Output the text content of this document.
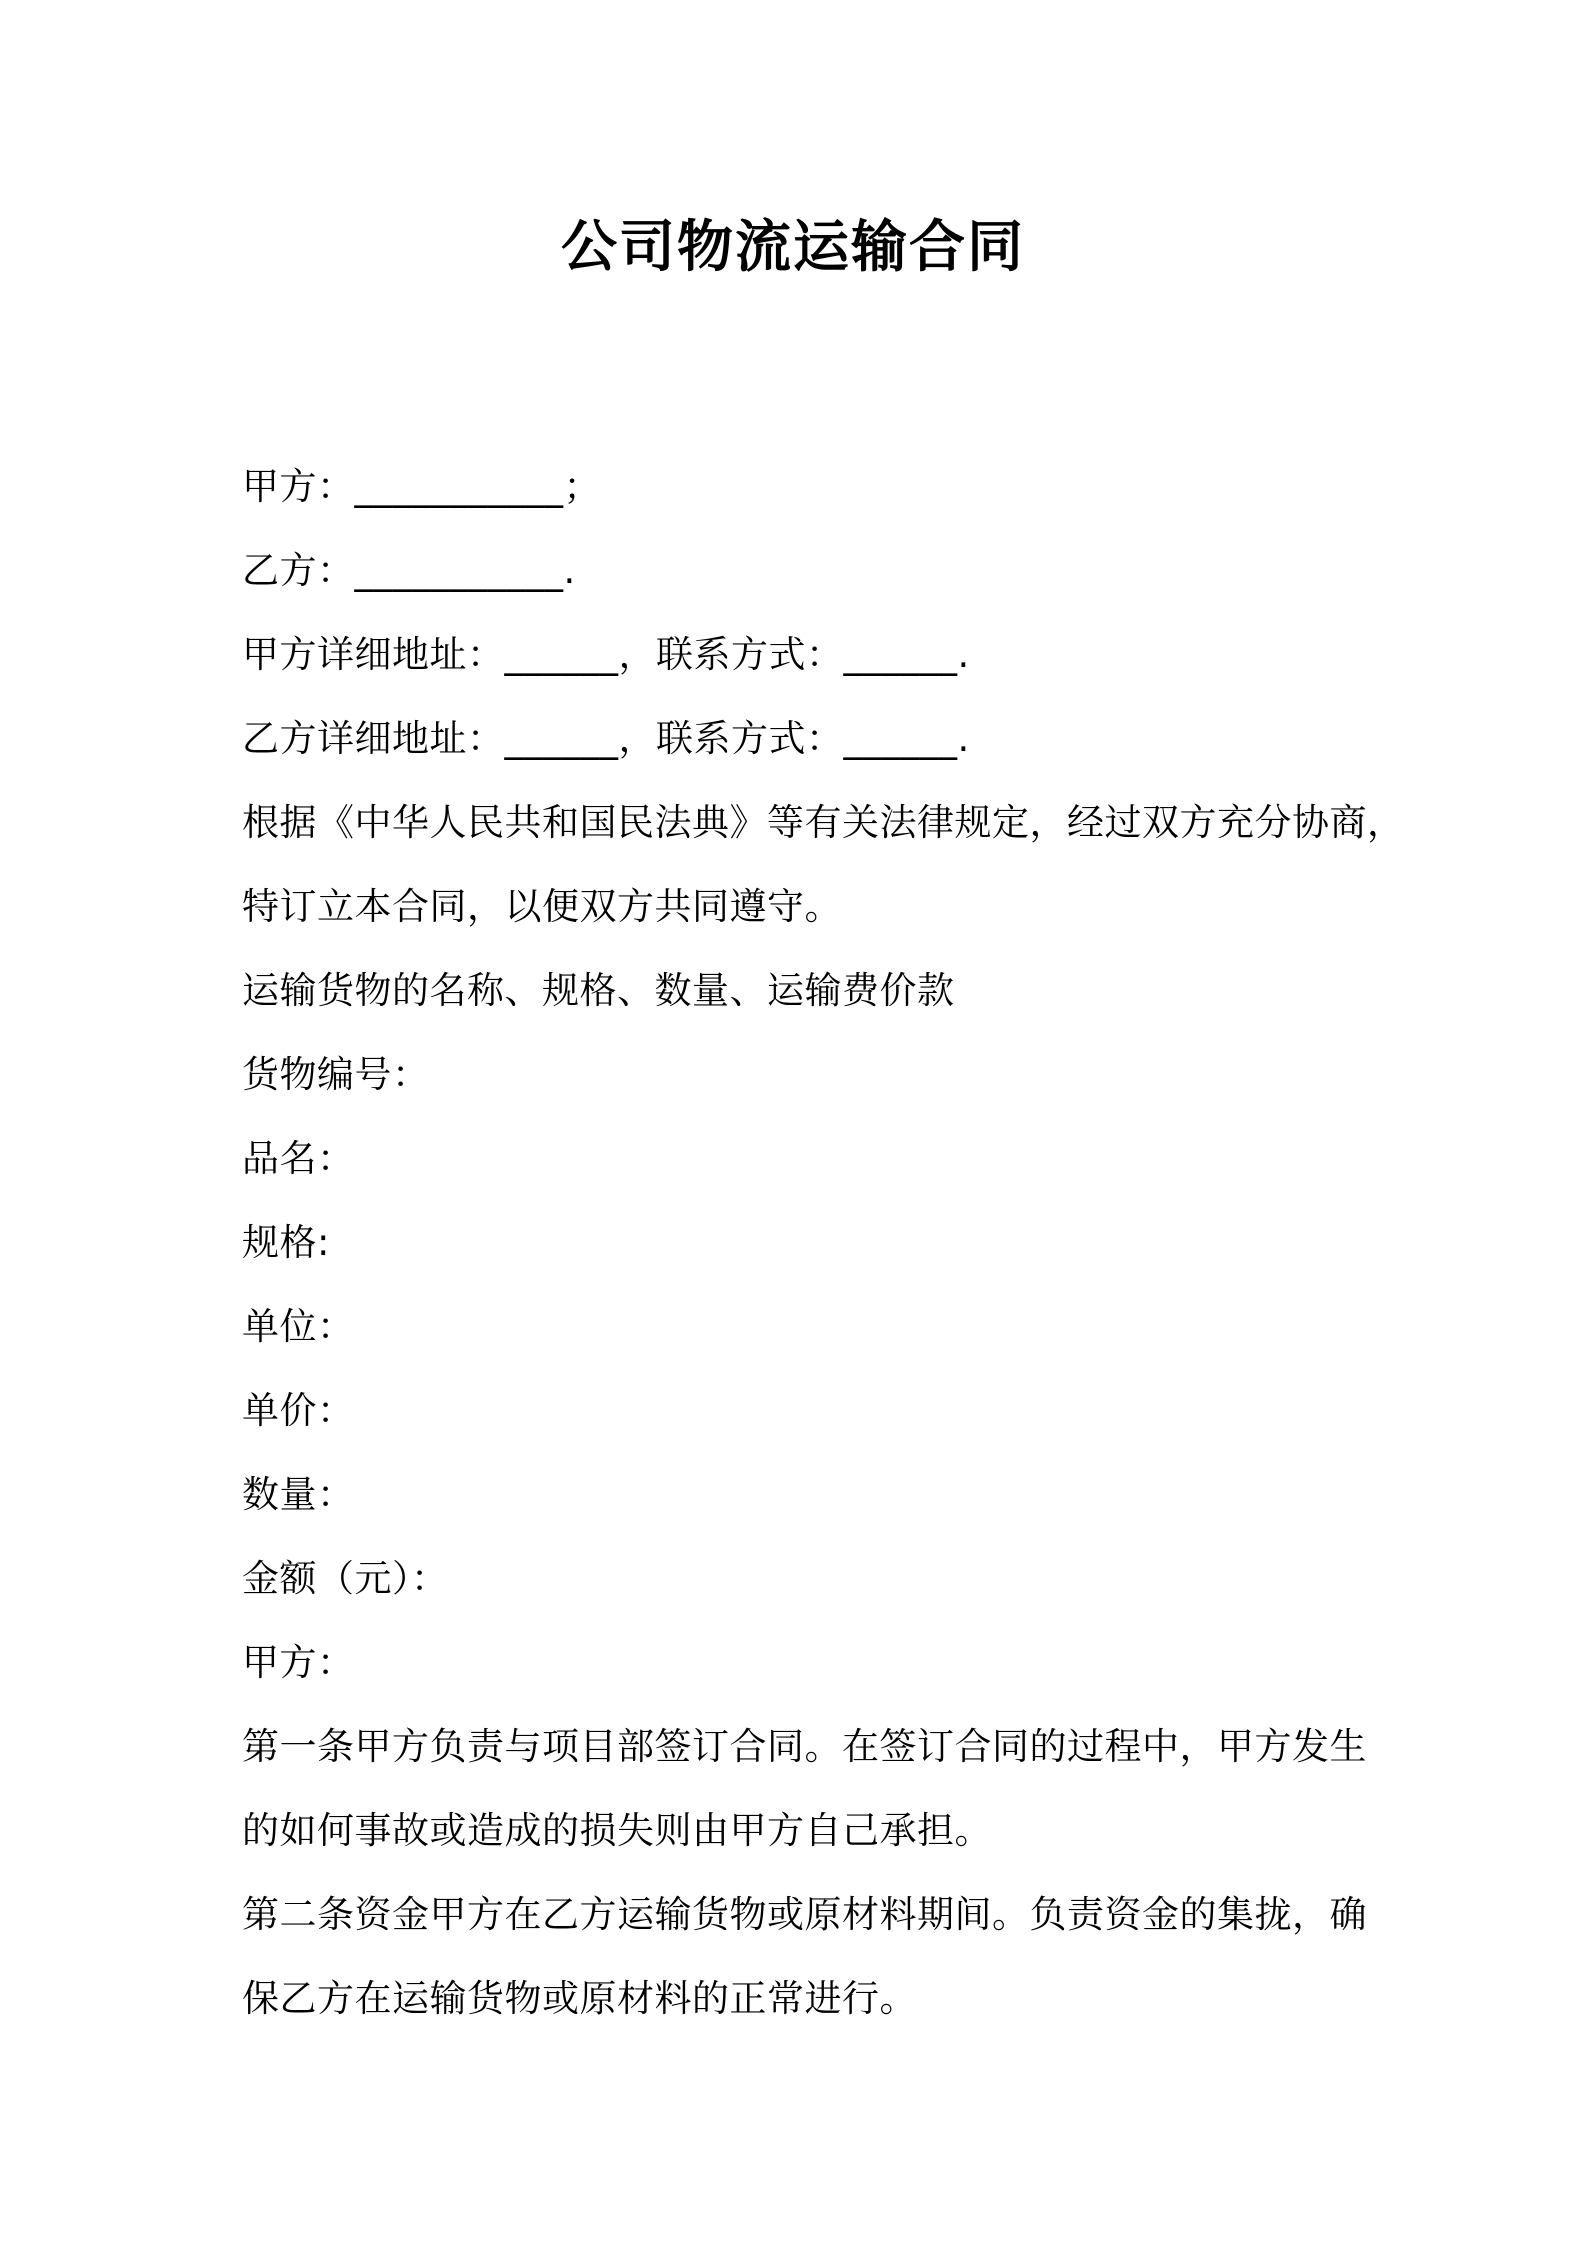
公司物流运输合同
甲方：___________；
乙方：___________.
甲方详细地址：______，联系方式：______.
乙方详细地址：______，联系方式：______.
根据《中华人民共和国民法典》等有关法律规定，经过双方充分协商，
特订立本合同，以便双方共同遵守。
运输货物的名称、规格、数量、运输费价款
货物编号：
品名：
规格:
单位：
单价：
数量：
金额（元）：
甲方：
第一条甲方负责与项目部签订合同。在签订合同的过程中，甲方发生
的如何事故或造成的损失则由甲方自己承担。
第二条资金甲方在乙方运输货物或原材料期间。负责资金的集拢，确
保乙方在运输货物或原材料的正常进行。
